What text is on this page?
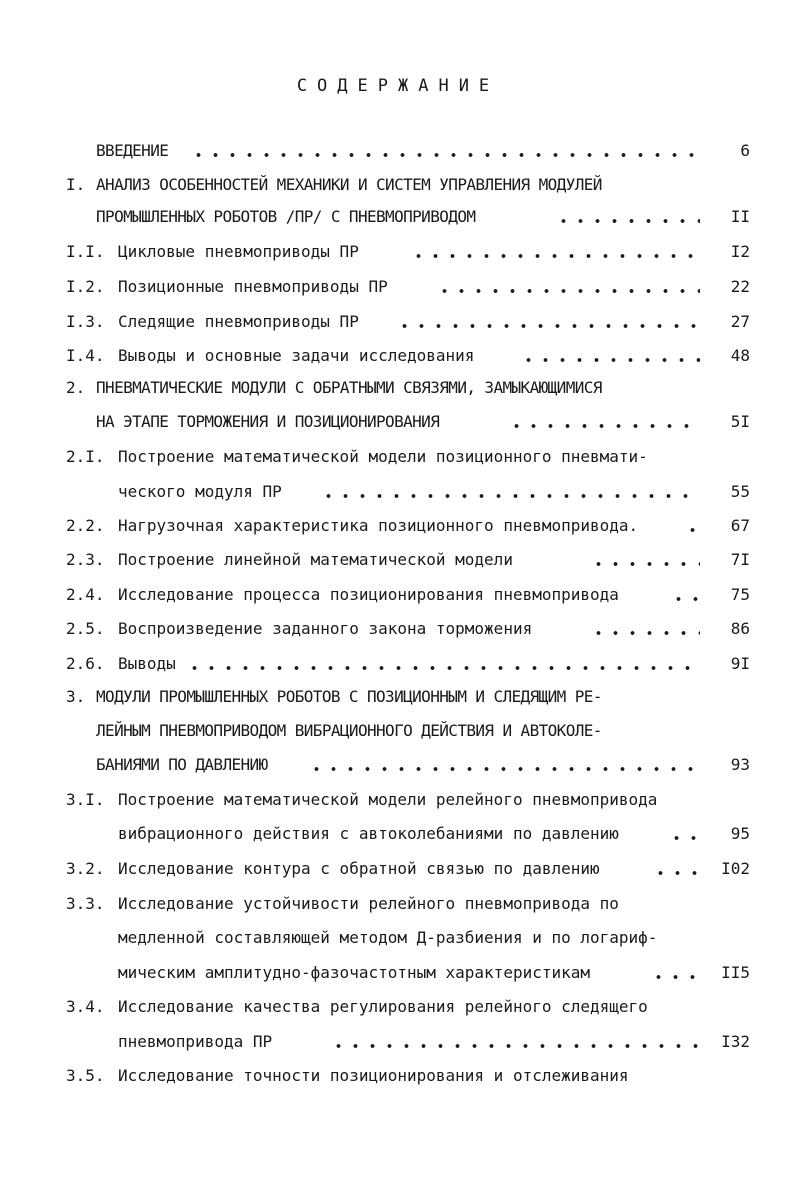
СОДЕРЖАНИЕ
ВВЕДЕНИЕ	6
I. АНАЛИЗ ОСОБЕННОСТЕЙ МЕХАНИКИ И СИСТЕМ УПРАВЛЕНИЯ МОДУЛЕЙ
ПРОМЫШЛЕННЫХ РОБОТОВ /ПР/ С ПНЕВМОПРИВОДОМ	II
I.I. Цикловые пневмоприводы ПР	I2
I.2. Позиционные пневмоприводы ПР	22
I.3. Следящие пневмоприводы ПР	27
I.4. Выводы и основные задачи исследования	48
2. ПНЕВМАТИЧЕСКИЕ МОДУЛИ С ОБРАТНЫМИ СВЯЗЯМИ, ЗАМЫКАЮЩИМИСЯ
НА ЭТАПЕ ТОРМОЖЕНИЯ И ПОЗИЦИОНИРОВАНИЯ	5I
2.I. Построение математической модели позиционного пневмати-
ческого модуля ПР	55
2.2. Нагрузочная характеристика позиционного пневмопривода.	67
2.3. Построение линейной математической модели	7I
2.4. Исследование процесса позиционирования пневмопривода	75
2.5. Воспроизведение заданного закона торможения	86
2.6. Выводы	9I
3. МОДУЛИ ПРОМЫШЛЕННЫХ РОБОТОВ С ПОЗИЦИОННЫМ И СЛЕДЯЩИМ РЕ-
ЛЕЙНЫМ ПНЕВМОПРИВОДОМ ВИБРАЦИОННОГО ДЕЙСТВИЯ И АВТОКОЛЕ-
БАНИЯМИ ПО ДАВЛЕНИЮ	93
3.I. Построение математической модели релейного пневмопривода
вибрационного действия с автоколебаниями по давлению	95
3.2. Исследование контура с обратной связью по давлению	I02
3.3. Исследование устойчивости релейного пневмопривода по
медленной составляющей методом Д-разбиения и по логариф-
мическим амплитудно-фазочастотным характеристикам	II5
3.4. Исследование качества регулирования релейного следящего
пневмопривода ПР	I32
3.5. Исследование точности позиционирования и отслеживания
